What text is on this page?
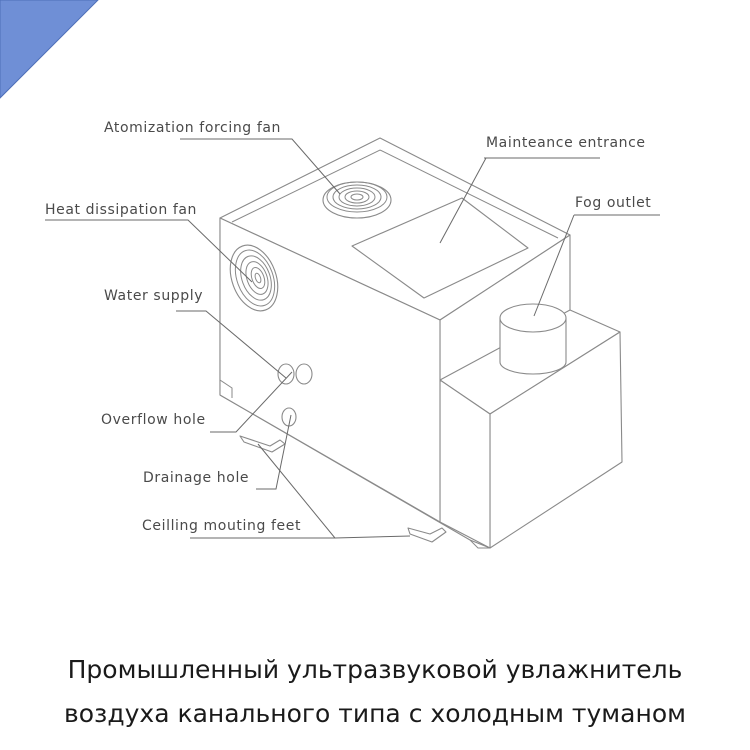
Atomization forcing fan
Mainteance entrance
Fog outlet
Heat dissipation fan
Water supply
Overflow hole
Drainage hole
Ceilling mouting feet
Промышленный ультразвуковой увлажнитель
воздуха канального типа с холодным туманом
